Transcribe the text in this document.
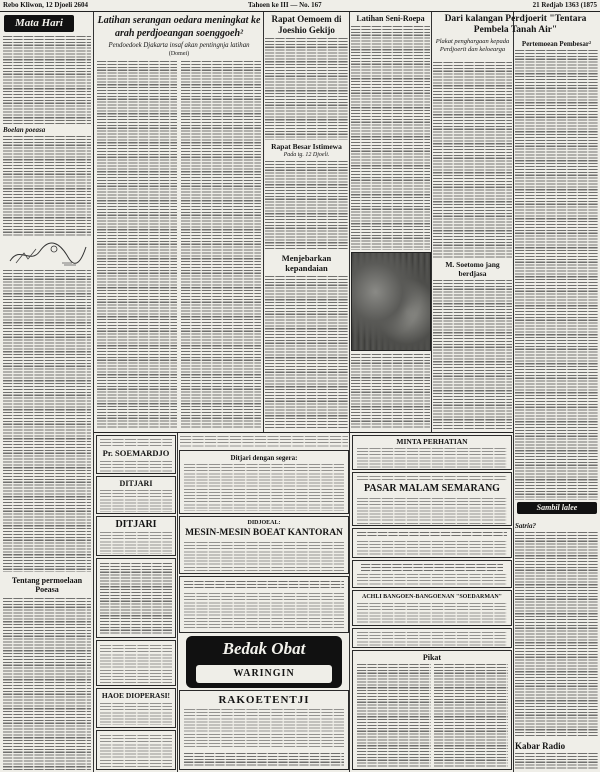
Rebo Kliwon, 12 Djoeli 2604	Tahoen ke III — No. 167	21 Redjab 1363 (1875
Mata Hari
Boelan poeasa
Tentang permoelaan Poeasa
Latihan serangan oedara meningkat ke arah perdjoeangan soenggoeh²
Pendoedoek Djakarta insaf akan pentingnja latihan
(Domei)
Rapat Oemoem di Joeshio Gekijo
Rapat Besar Istimewa
Pada tg. 12 Djoeli.
Menjebarkan kepandaian
Latihan Seni-Roepa	Dari kalangan Perdjoerit "Tentara Pembela Tanah Air"
Plakat penghargaan kepada Perdjoerit dan keloearga
M. Soetomo jang berdjasa
Pertemoean Pembesar²
Sambil lalee
Satria?
Kabar Radio
Pr. SOEMARDJO
DITJARI
DITJARI
HAOE DIOPERASI!
Ditjari dengan segera:
DIDJOEAL:
MESIN-MESIN BOEAT KANTORAN
Bedak Obat
WARINGIN
RAKOETENTJI
MINTA PERHATIAN
PASAR MALAM SEMARANG
ACHLI BANGOEN-BANGOENAN "SOEDARMAN"
Pikat
